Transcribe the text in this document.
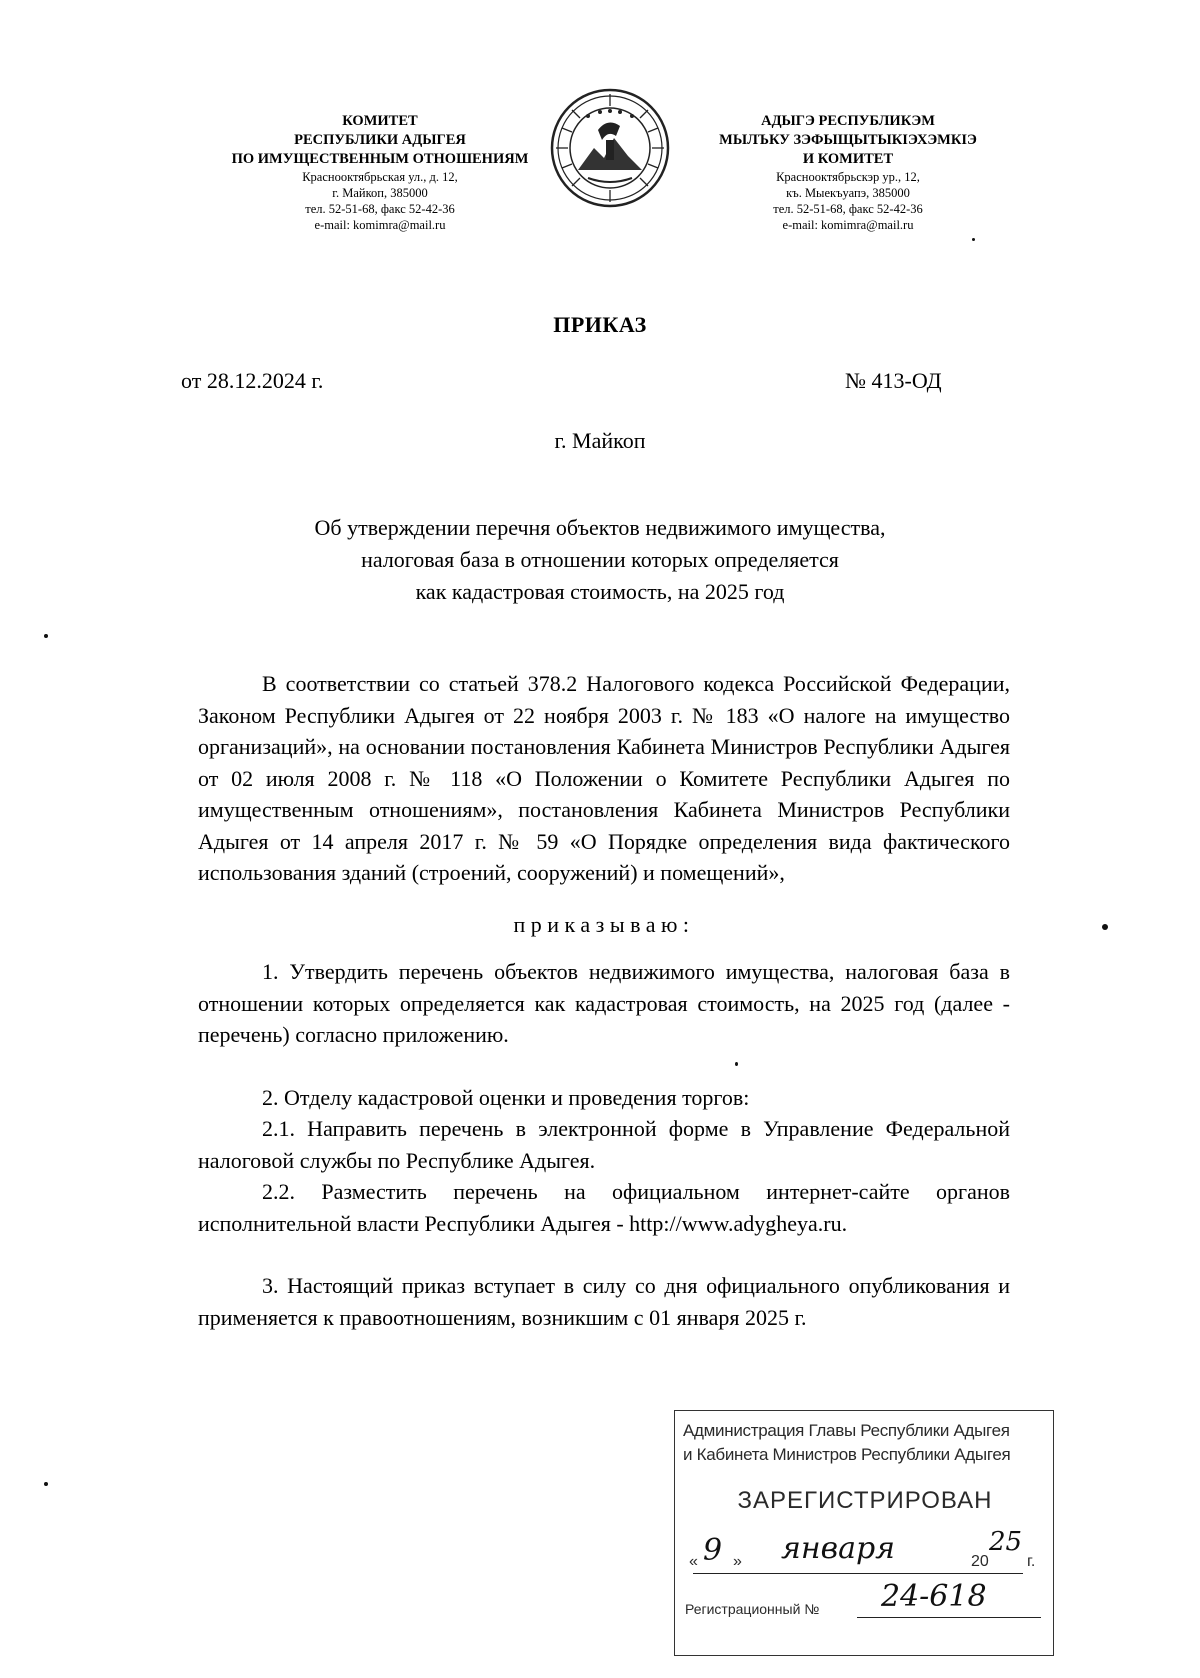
КОМИТЕТ
РЕСПУБЛИКИ АДЫГЕЯ
ПО ИМУЩЕСТВЕННЫМ ОТНОШЕНИЯМ
Краснооктябрьская ул., д. 12,
г. Майкоп, 385000
тел. 52-51-68, факс 52-42-36
e-mail: komimra@mail.ru
АДЫГЭ РЕСПУБЛИКЭМ
МЫЛЪКУ ЗЭФЫЩЫТЫКIЭХЭМКIЭ
И КОМИТЕТ
Краснооктябрьскэр ур., 12,
къ. Мыекъуапэ, 385000
тел. 52-51-68, факс 52-42-36
e-mail: komimra@mail.ru
ПРИКАЗ
от 28.12.2024 г.	№ 413-ОД
г. Майкоп
Об утверждении перечня объектов недвижимого имущества,
налоговая база в отношении которых определяется
как кадастровая стоимость, на 2025 год

В соответствии со статьей 378.2 Налогового кодекса Российской Федерации, Законом Республики Адыгея от 22 ноября 2003 г. № 183 «О налоге на имущество организаций», на основании постановления Кабинета Министров Республики Адыгея от 02 июля 2008 г. № 118 «О Положении о Комитете Республики Адыгея по имущественным отношениям», постановления Кабинета Министров Республики Адыгея от 14 апреля 2017 г. № 59 «О Порядке определения вида фактического использования зданий (строений, сооружений) и помещений»,

приказываю:

1. Утвердить перечень объектов недвижимого имущества, налоговая база в отношении которых определяется как кадастровая стоимость, на 2025 год (далее - перечень) согласно приложению.

2. Отделу кадастровой оценки и проведения торгов:

2.1. Направить перечень в электронной форме в Управление Федеральной налоговой службы по Республике Адыгея.

2.2. Разместить перечень на официальном интернет-сайте органов исполнительной власти Республики Адыгея - http://www.adygheya.ru.

3. Настоящий приказ вступает в силу со дня официального опубликования и применяется к правоотношениям, возникшим с 01 января 2025 г.

Администрация Главы Республики Адыгея
и Кабинета Министров Республики Адыгея
ЗАРЕГИСТРИРОВАН
« 9 » января	20
25
г.
Регистрационный № 24-618
